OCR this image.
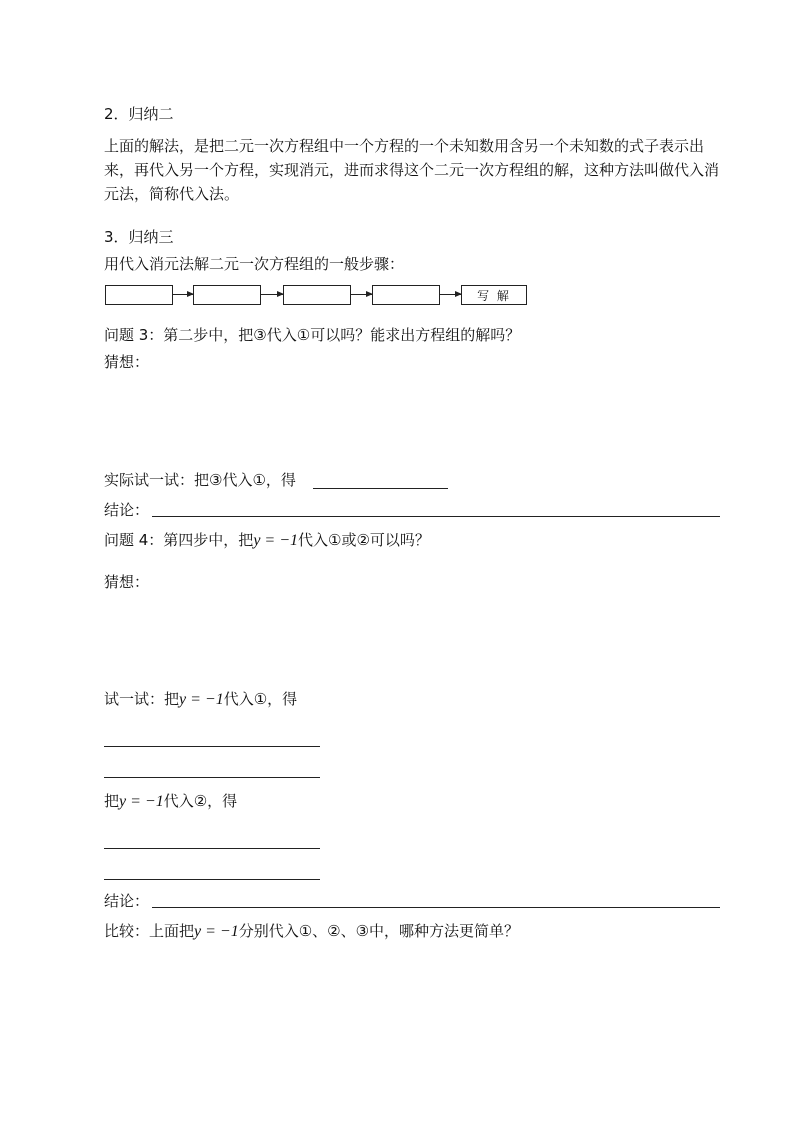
2．归纳二
上面的解法，是把二元一次方程组中一个方程的一个未知数用含另一个未知数的式子表示出来，再代入另一个方程，实现消元，进而求得这个二元一次方程组的解，这种方法叫做代入消元法，简称代入法。
3．归纳三
用代入消元法解二元一次方程组的一般步骤：
写 解
问题 3：第二步中，把③代入①可以吗？能求出方程组的解吗？
猜想：
实际试一试：把③代入①，得
结论：
问题 4：第四步中，把y = −1代入①或②可以吗？
猜想：
试一试：把y = −1代入①，得
把y = −1代入②，得
结论：
比较：上面把y = −1分别代入①、②、③中，哪种方法更简单？
